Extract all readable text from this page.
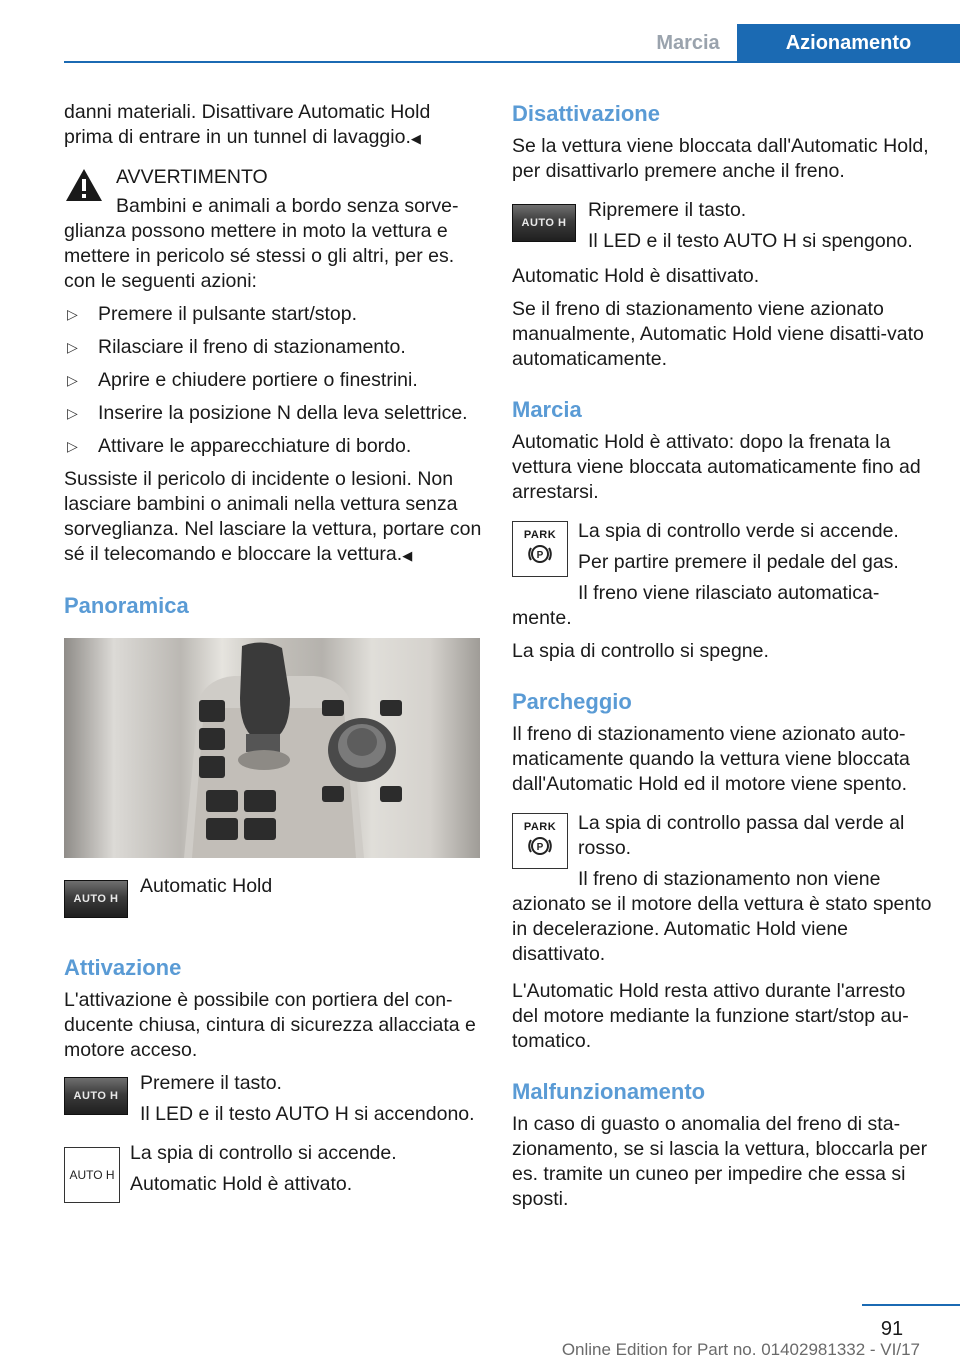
Marcia	Azionamento

danni materiali. Disattivare Automatic Hold prima di entrare in un tunnel di lavaggio.◀

AVVERTIMENTO

Bambini e animali a bordo senza sorve-glianza possono mettere in moto la vettura e mettere in pericolo sé stessi o gli altri, per es. con le seguenti azioni:

▷ Premere il pulsante start/stop.
▷ Rilasciare il freno di stazionamento.
▷ Aprire e chiudere portiere o finestrini.
▷ Inserire la posizione N della leva selettrice.
▷ Attivare le apparecchiature di bordo.

Sussiste il pericolo di incidente o lesioni. Non lasciare bambini o animali nella vettura senza sorveglianza. Nel lasciare la vettura, portare con sé il telecomando e bloccare la vettura.◀

Panoramica
AUTO H

Automatic Hold

Attivazione

L'attivazione è possibile con portiera del con-ducente chiusa, cintura di sicurezza allacciata e motore acceso.

AUTO H

Premere il tasto.

Il LED e il testo AUTO H si accendono.

AUTO H

La spia di controllo si accende.

Automatic Hold è attivato.

Disattivazione

Se la vettura viene bloccata dall'Automatic Hold, per disattivarlo premere anche il freno.

AUTO H

Ripremere il tasto.

Il LED e il testo AUTO H si spengono.

Automatic Hold è disattivato.

Se il freno di stazionamento viene azionato manualmente, Automatic Hold viene disatti-vato automaticamente.

Marcia

Automatic Hold è attivato: dopo la frenata la vettura viene bloccata automaticamente fino ad arrestarsi.

PARK
P

La spia di controllo verde si accende.

Per partire premere il pedale del gas.

Il freno viene rilasciato automatica-mente.

La spia di controllo si spegne.

Parcheggio

Il freno di stazionamento viene azionato auto-maticamente quando la vettura viene bloccata dall'Automatic Hold ed il motore viene spento.

PARK
P

La spia di controllo passa dal verde al rosso.

Il freno di stazionamento non viene azionato se il motore della vettura è stato spento in decelerazione. Automatic Hold viene disattivato.

L'Automatic Hold resta attivo durante l'arresto del motore mediante la funzione start/stop au-tomatico.

Malfunzionamento

In caso di guasto o anomalia del freno di sta-zionamento, se si lascia la vettura, bloccarla per es. tramite un cuneo per impedire che essa si sposti.

91
Online Edition for Part no. 01402981332 - VI/17
